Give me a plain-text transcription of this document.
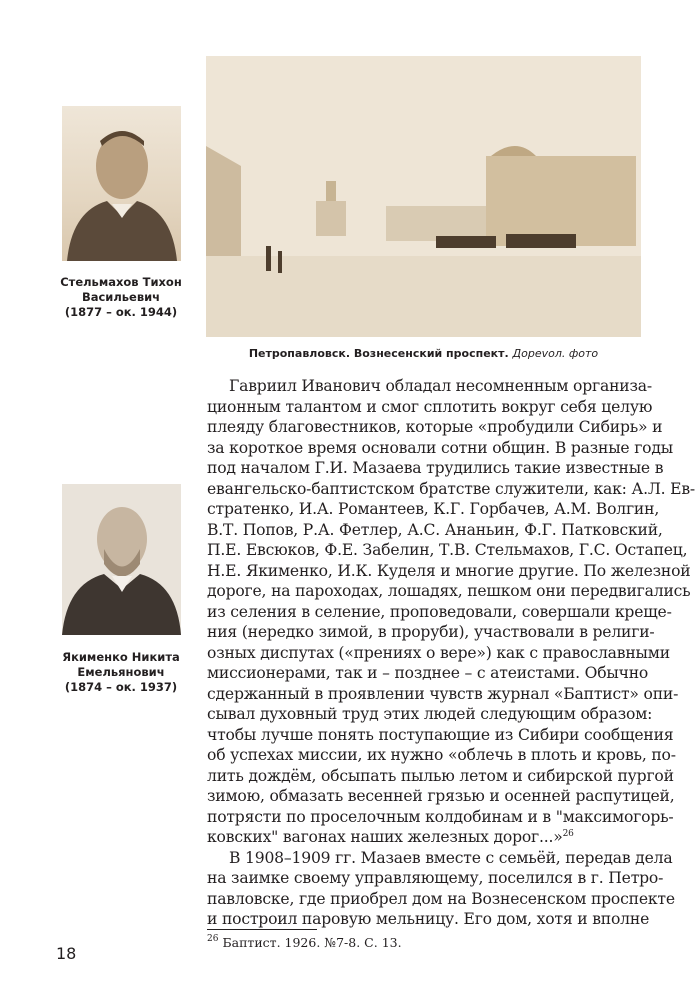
Стельмахов Тихон
Васильевич
(1877 – ок. 1944)
Петропавловск. Вознесенский проспект. Дореvол. фото
Якименко Никита
Емельянович
(1874 – ок. 1937)
Гавриил Иванович обладал несомненным организа-
ционным талантом и смог сплотить вокруг себя целую
плеяду благовестников, которые «пробудили Сибирь» и
за короткое время основали сотни общин. В разные годы
под началом Г.И. Мазаева трудились такие известные в
евангельско-баптистском братстве служители, как: А.Л. Ев-
стратенко, И.А. Романтеев, К.Г. Горбачев, А.М. Волгин,
В.Т. Попов, Р.А. Фетлер, А.С. Ананьин, Ф.Г. Патковский,
П.Е. Евсюков, Ф.Е. Забелин, Т.В. Стельмахов, Г.С. Остапец,
Н.Е. Якименко, И.К. Куделя и многие другие. По железной
дороге, на пароходах, лошадях, пешком они передвигались
из селения в селение, проповедовали, совершали креще-
ния (нередко зимой, в проруби), участвовали в религи-
озных диспутах («прениях о вере») как с православными
миссионерами, так и – позднее – с атеистами. Обычно
сдержанный в проявлении чувств журнал «Баптист» опи-
сывал духовный труд этих людей следующим образом:
чтобы лучше понять поступающие из Сибири сообщения
об успехах миссии, их нужно «облечь в плоть и кровь, по-
лить дождём, обсыпать пылью летом и сибирской пургой
зимою, обмазать весенней грязью и осенней распутицей,
потрясти по проселочным колдобинам и в "максимогорь-
ковских" вагонах наших железных дорог...»$^{26}$
В 1908–1909 гг. Мазаев вместе с семьёй, передав дела
на заимке своему управляющему, поселился в г. Петро-
павловске, где приобрел дом на Вознесенском проспекте
и построил паровую мельницу. Его дом, хотя и вполне
$^{26}$ Баптист. 1926. №7-8. С. 13.
18
